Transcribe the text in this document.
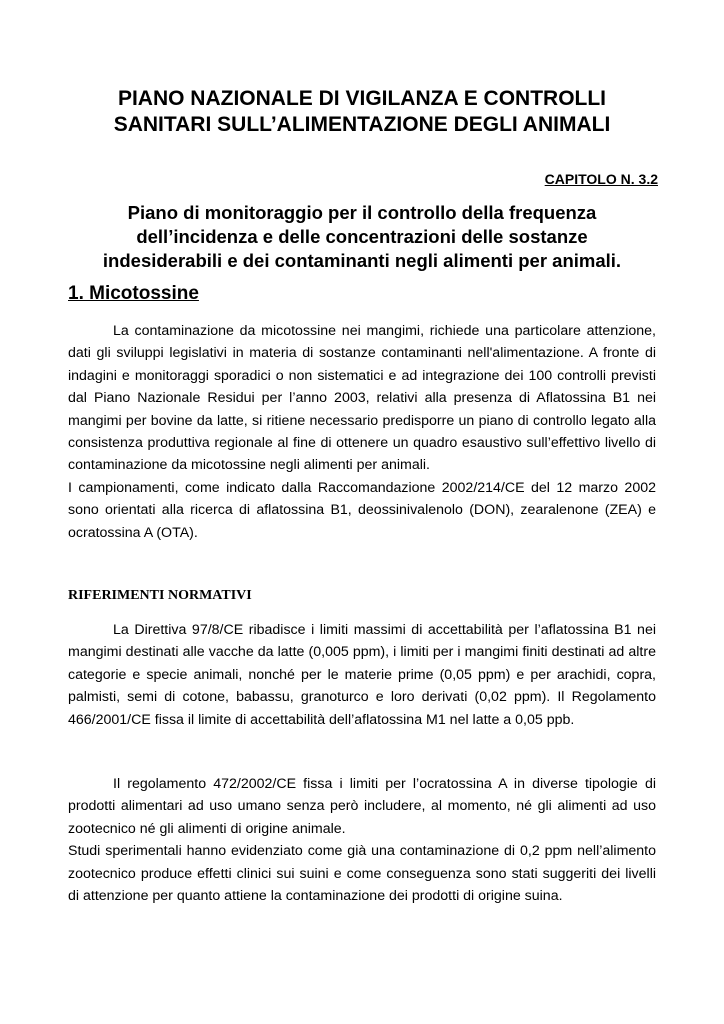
PIANO NAZIONALE DI VIGILANZA E CONTROLLI
SANITARI SULL’ALIMENTAZIONE DEGLI ANIMALI
CAPITOLO N. 3.2
Piano di monitoraggio per il controllo della frequenza
dell’incidenza e delle concentrazioni delle sostanze
indesiderabili e dei contaminanti negli alimenti per animali.
1. Micotossine

La contaminazione da micotossine nei mangimi, richiede una particolare attenzione, dati gli sviluppi legislativi in materia di sostanze contaminanti nell'alimentazione. A fronte di indagini e monitoraggi sporadici o non sistematici e ad integrazione dei 100 controlli previsti dal Piano Nazionale Residui per l’anno 2003, relativi alla presenza di Aflatossina B1 nei mangimi per bovine da latte, si ritiene necessario predisporre un piano di controllo legato alla consistenza produttiva regionale al fine di ottenere un quadro esaustivo sull’effettivo livello di contaminazione da micotossine negli alimenti per animali.

I campionamenti, come indicato dalla Raccomandazione 2002/214/CE del 12 marzo 2002 sono orientati alla ricerca di aflatossina B1, deossinivalenolo (DON), zearalenone (ZEA) e ocratossina A (OTA).

RIFERIMENTI NORMATIVI

La Direttiva 97/8/CE ribadisce i limiti massimi di accettabilità per l’aflatossina B1 nei mangimi destinati alle vacche da latte (0,005 ppm), i limiti per i mangimi finiti destinati ad altre categorie e specie animali, nonché per le materie prime (0,05 ppm) e per arachidi, copra, palmisti, semi di cotone, babassu, granoturco e loro derivati (0,02 ppm). Il Regolamento 466/2001/CE fissa il limite di accettabilità dell’aflatossina M1 nel latte a 0,05 ppb.

Il regolamento 472/2002/CE fissa i limiti per l’ocratossina A in diverse tipologie di prodotti alimentari ad uso umano senza però includere, al momento, né gli alimenti ad uso zootecnico né gli alimenti di origine animale.

Studi sperimentali hanno evidenziato come già una contaminazione di 0,2 ppm nell’alimento zootecnico produce effetti clinici sui suini e come conseguenza sono stati suggeriti dei livelli di attenzione per quanto attiene la contaminazione dei prodotti di origine suina.
